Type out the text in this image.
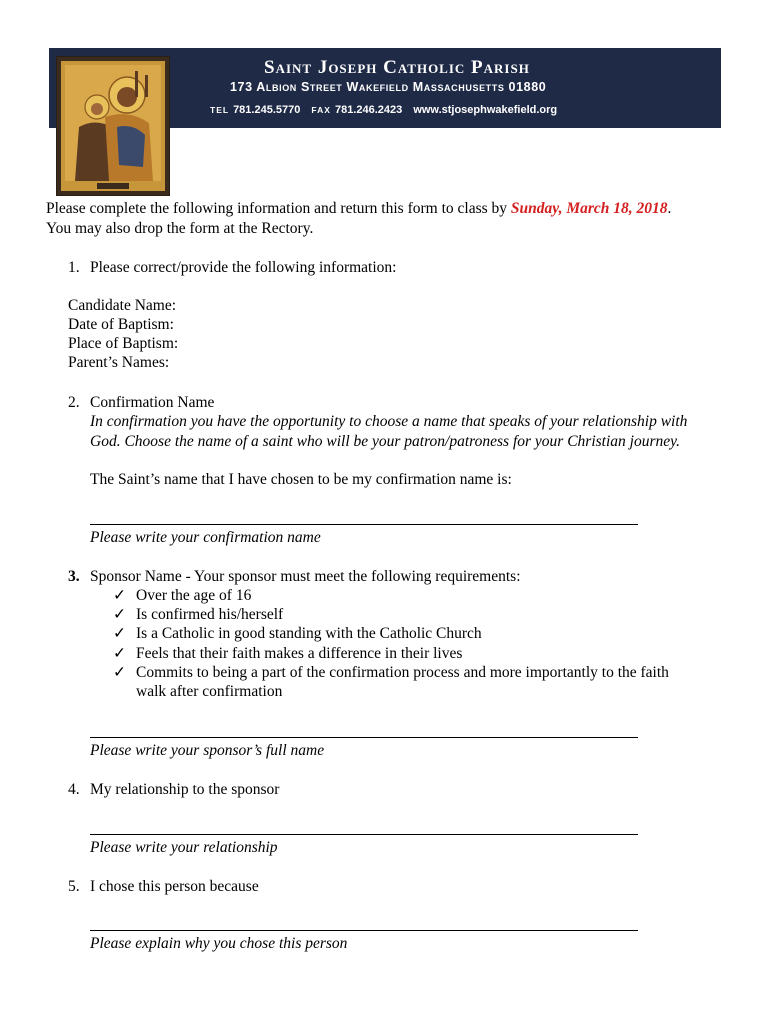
Saint Joseph Catholic Parish
173 Albion Street Wakefield Massachusetts 01880
TEL 781.245.5770 FAX 781.246.2423 www.stjosephwakefield.org
Please complete the following information and return this form to class by Sunday, March 18, 2018.
You may also drop the form at the Rectory.
1. Please correct/provide the following information:
Candidate Name:
Date of Baptism:
Place of Baptism:
Parent’s Names:
2. Confirmation Name
In confirmation you have the opportunity to choose a name that speaks of your relationship with
God. Choose the name of a saint who will be your patron/patroness for your Christian journey.
The Saint’s name that I have chosen to be my confirmation name is:
Please write your confirmation name
3. Sponsor Name - Your sponsor must meet the following requirements:
✓ Over the age of 16
✓ Is confirmed his/herself
✓ Is a Catholic in good standing with the Catholic Church
✓ Feels that their faith makes a difference in their lives
✓ Commits to being a part of the confirmation process and more importantly to the faith
walk after confirmation
Please write your sponsor’s full name
4. My relationship to the sponsor
Please write your relationship
5. I chose this person because
Please explain why you chose this person
